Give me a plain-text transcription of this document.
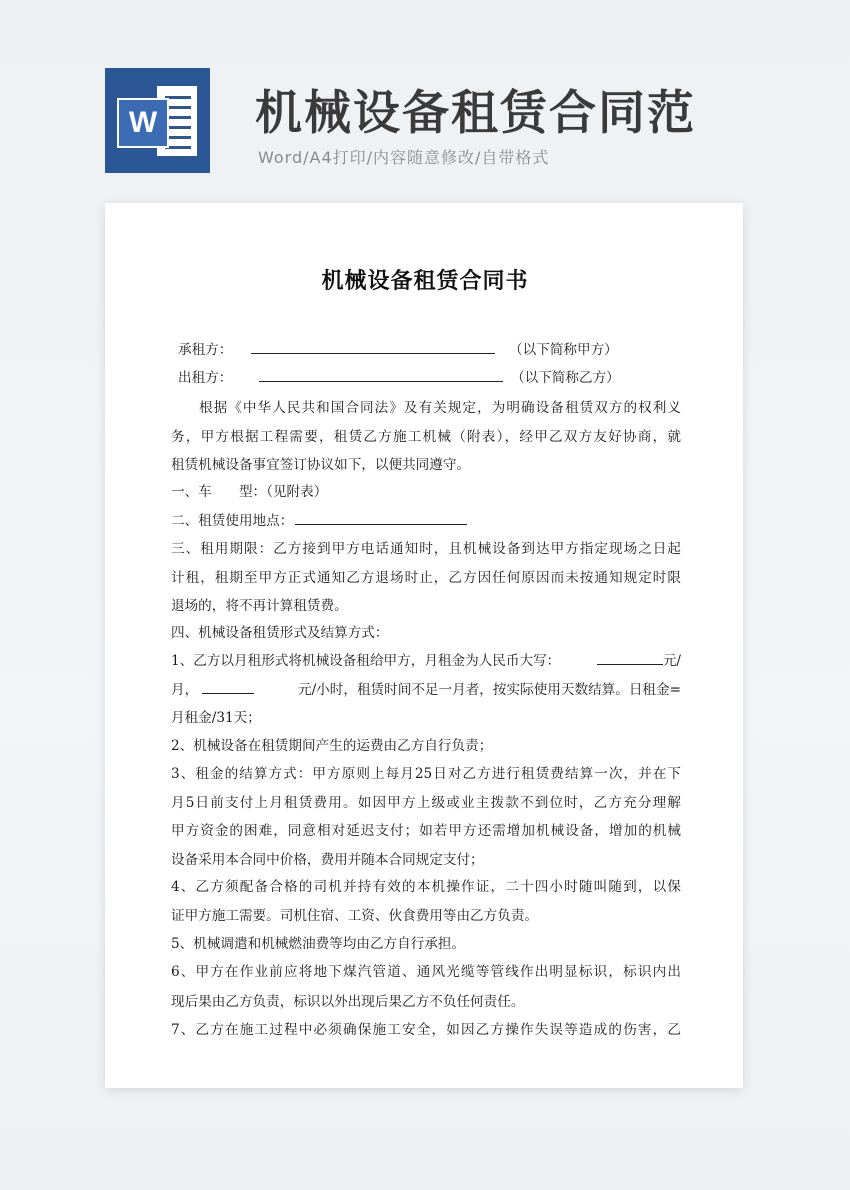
W 机械设备租赁合同范
Word/A4打印/内容随意修改/自带格式
机械设备租赁合同书
承租方：	（以下简称甲方）
出租方：	（以下简称乙方）
根据《中华人民共和国合同法》及有关规定，为明确设备租赁双方的权利义
务，甲方根据工程需要，租赁乙方施工机械（附表），经甲乙双方友好协商，就
租赁机械设备事宜签订协议如下，以便共同遵守。
一、车　　型：（见附表）
二、租赁使用地点：
三、租用期限：乙方接到甲方电话通知时，且机械设备到达甲方指定现场之日起
计租，租期至甲方正式通知乙方退场时止，乙方因任何原因而未按通知规定时限
退场的，将不再计算租赁费。
四、机械设备租赁形式及结算方式：
1、乙方以月租形式将机械设备租给甲方，月租金为人民币大写：	元/
月，	元/小时，租赁时间不足一月者，按实际使用天数结算。日租金=
月租金/31天；
2、机械设备在租赁期间产生的运费由乙方自行负责；
3、租金的结算方式：甲方原则上每月25日对乙方进行租赁费结算一次，并在下
月5日前支付上月租赁费用。如因甲方上级或业主拨款不到位时，乙方充分理解
甲方资金的困难，同意相对延迟支付；如若甲方还需增加机械设备，增加的机械
设备采用本合同中价格，费用并随本合同规定支付；
4、乙方须配备合格的司机并持有效的本机操作证，二十四小时随叫随到，以保
证甲方施工需要。司机住宿、工资、伙食费用等由乙方负责。
5、机械调遣和机械燃油费等均由乙方自行承担。
6、甲方在作业前应将地下煤汽管道、通风光缆等管线作出明显标识，标识内出
现后果由乙方负责，标识以外出现后果乙方不负任何责任。
7、乙方在施工过程中必须确保施工安全，如因乙方操作失误等造成的伤害，乙
